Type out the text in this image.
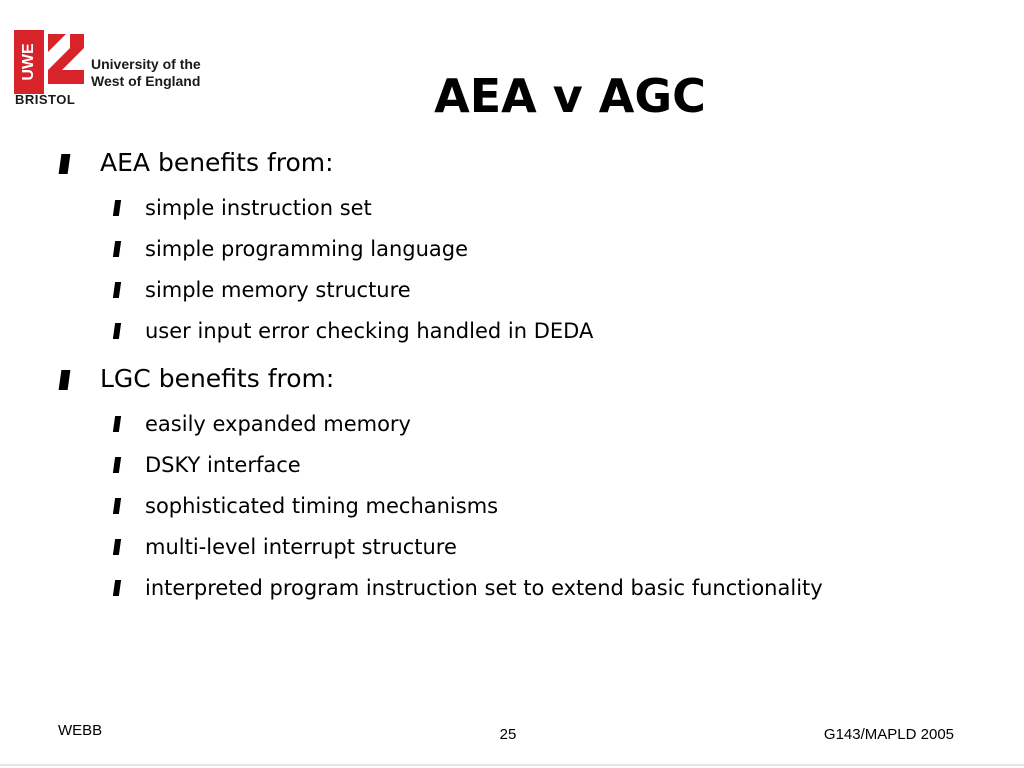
UWE	University of the
West of England
BRISTOL	AEA v AGC
AEA benefits from:
simple instruction set
simple programming language
simple memory structure
user input error checking handled in DEDA
LGC benefits from:
easily expanded memory
DSKY interface
sophisticated timing mechanisms
multi-level interrupt structure
interpreted program instruction set to extend basic functionality
WEBB	25	G143/MAPLD 2005
